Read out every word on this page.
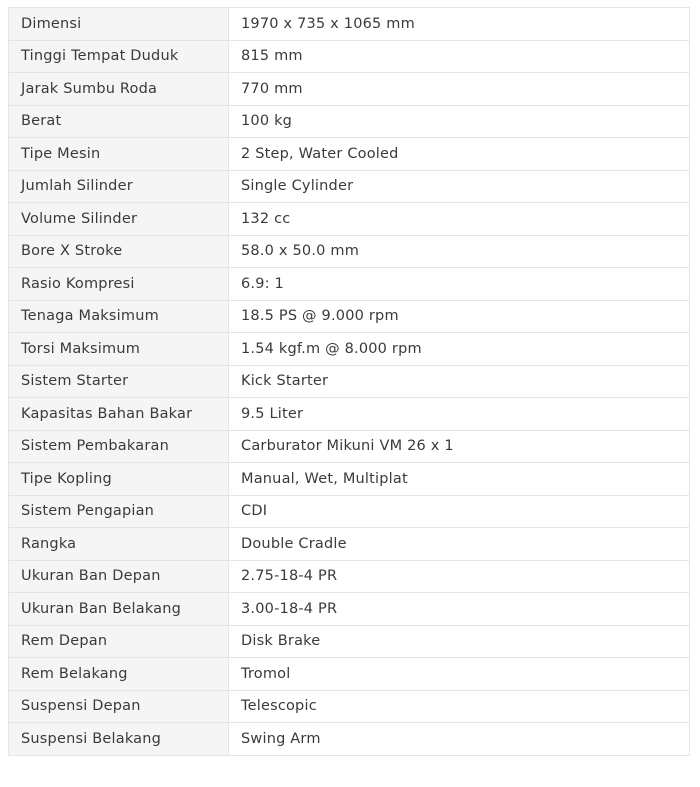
Dimensi	1970 x 735 x 1065 mm
Tinggi Tempat Duduk	815 mm
Jarak Sumbu Roda	770 mm
Berat	100 kg
Tipe Mesin	2 Step, Water Cooled
Jumlah Silinder	Single Cylinder
Volume Silinder	132 cc
Bore X Stroke	58.0 x 50.0 mm
Rasio Kompresi	6.9: 1
Tenaga Maksimum	18.5 PS @ 9.000 rpm
Torsi Maksimum	1.54 kgf.m @ 8.000 rpm
Sistem Starter	Kick Starter
Kapasitas Bahan Bakar	9.5 Liter
Sistem Pembakaran	Carburator Mikuni VM 26 x 1
Tipe Kopling	Manual, Wet, Multiplat
Sistem Pengapian	CDI
Rangka	Double Cradle
Ukuran Ban Depan	2.75-18-4 PR
Ukuran Ban Belakang	3.00-18-4 PR
Rem Depan	Disk Brake
Rem Belakang	Tromol
Suspensi Depan	Telescopic
Suspensi Belakang	Swing Arm
